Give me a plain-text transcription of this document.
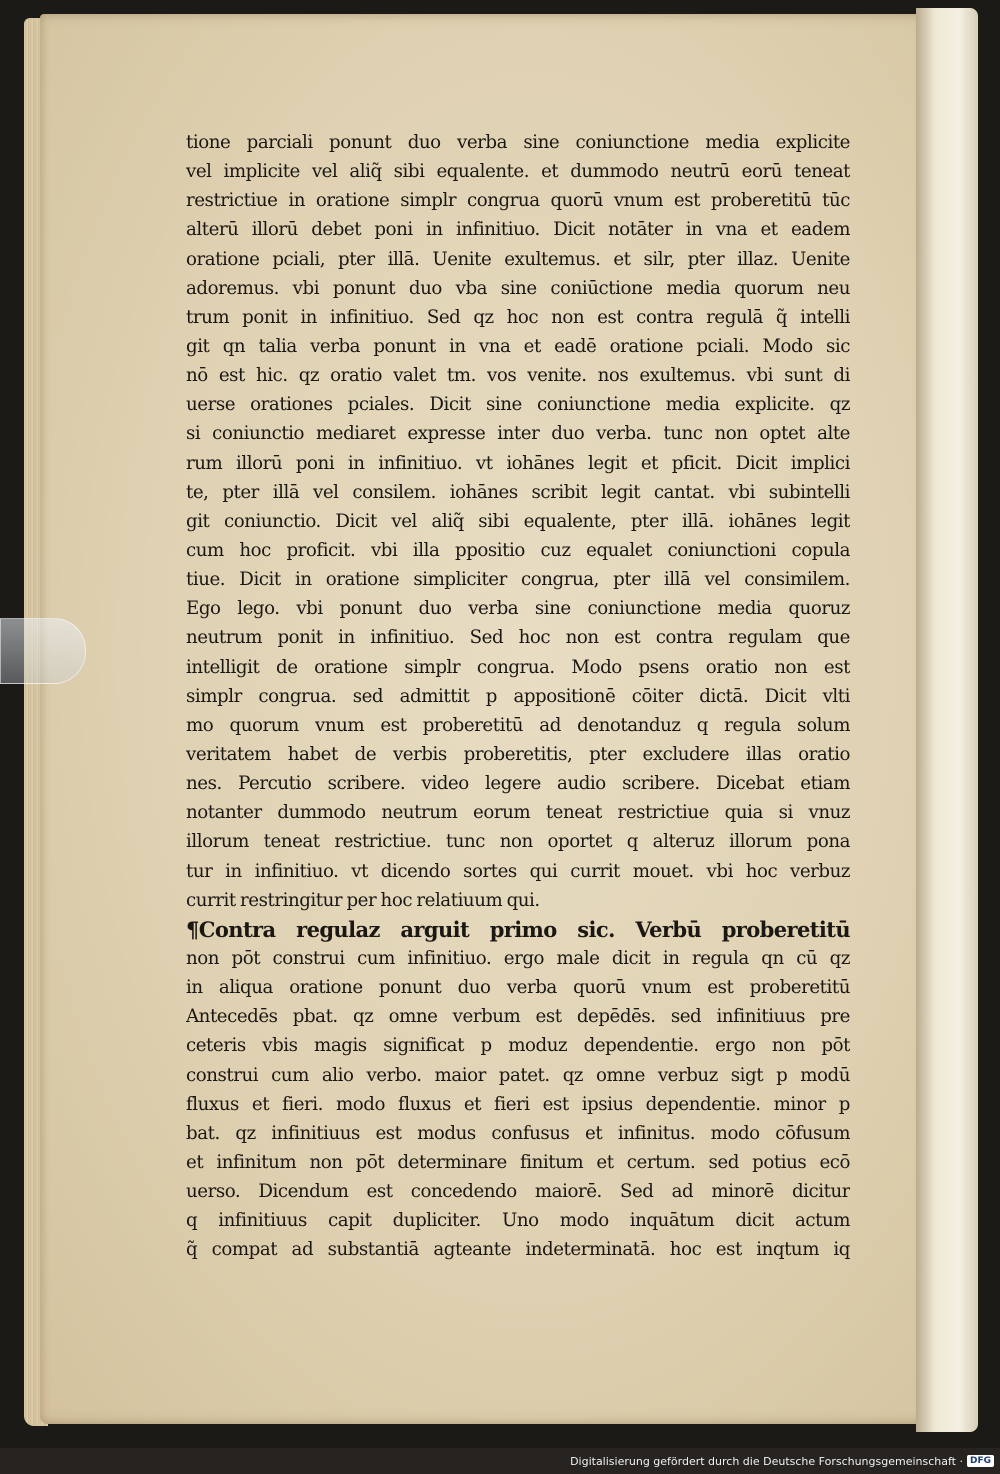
tione parciali ponunt duo verba sine coniunctione media explicite
vel implicite vel aliq̃ sibi equalente. et dummodo neutrū eorū teneat
restrictiue in oratione simplr congrua quorū vnum est proberetitū tūc
alterū illorū debet poni in infinitiuo. Dicit notāter in vna et eadem
oratione pciali, pter illā. Uenite exultemus. et silr, pter illaz. Uenite
adoremus. vbi ponunt duo vba sine coniūctione media quorum neu
trum ponit in infinitiuo. Sed qz hoc non est contra regulā q̃ intelli
git qn talia verba ponunt in vna et eadē oratione pciali. Modo sic
nō est hic. qz oratio valet tm. vos venite. nos exultemus. vbi sunt di
uerse orationes pciales. Dicit sine coniunctione media explicite. qz
si coniunctio mediaret expresse inter duo verba. tunc non optet alte
rum illorū poni in infinitiuo. vt iohānes legit et pficit. Dicit implici
te, pter illā vel consilem. iohānes scribit legit cantat. vbi subintelli
git coniunctio. Dicit vel aliq̃ sibi equalente, pter illā. iohānes legit
cum hoc proficit. vbi illa ppositio cuz equalet coniunctioni copula
tiue. Dicit in oratione simpliciter congrua, pter illā vel consimilem.
Ego lego. vbi ponunt duo verba sine coniunctione media quoruz
neutrum ponit in infinitiuo. Sed hoc non est contra regulam que
intelligit de oratione simplr congrua. Modo psens oratio non est
simplr congrua. sed admittit p appositionē cōiter dictā. Dicit vlti
mo quorum vnum est proberetitū ad denotanduz q regula solum
veritatem habet de verbis proberetitis, pter excludere illas oratio
nes. Percutio scribere. video legere audio scribere. Dicebat etiam
notanter dummodo neutrum eorum teneat restrictiue quia si vnuz
illorum teneat restrictiue. tunc non oportet q alteruz illorum pona
tur in infinitiuo. vt dicendo sortes qui currit mouet. vbi hoc verbuz
currit restringitur per hoc relatiuum qui.
¶Contra regulaz arguit primo sic. Verbū proberetitū
non pōt construi cum infinitiuo. ergo male dicit in regula qn cū qz
in aliqua oratione ponunt duo verba quorū vnum est proberetitū
Antecedēs pbat. qz omne verbum est depēdēs. sed infinitiuus pre
ceteris vbis magis significat p moduz dependentie. ergo non pōt
construi cum alio verbo. maior patet. qz omne verbuz sigt p modū
fluxus et fieri. modo fluxus et fieri est ipsius dependentie. minor p
bat. qz infinitiuus est modus confusus et infinitus. modo cōfusum
et infinitum non pōt determinare finitum et certum. sed potius ecō
uerso. Dicendum est concedendo maiorē. Sed ad minorē dicitur
q infinitiuus capit dupliciter. Uno modo inquātum dicit actum
q̃ compat ad substantiā agteante indeterminatā. hoc est inqtum iq
Digitalisierung gefördert durch die Deutsche Forschungsgemeinschaft · DFG
